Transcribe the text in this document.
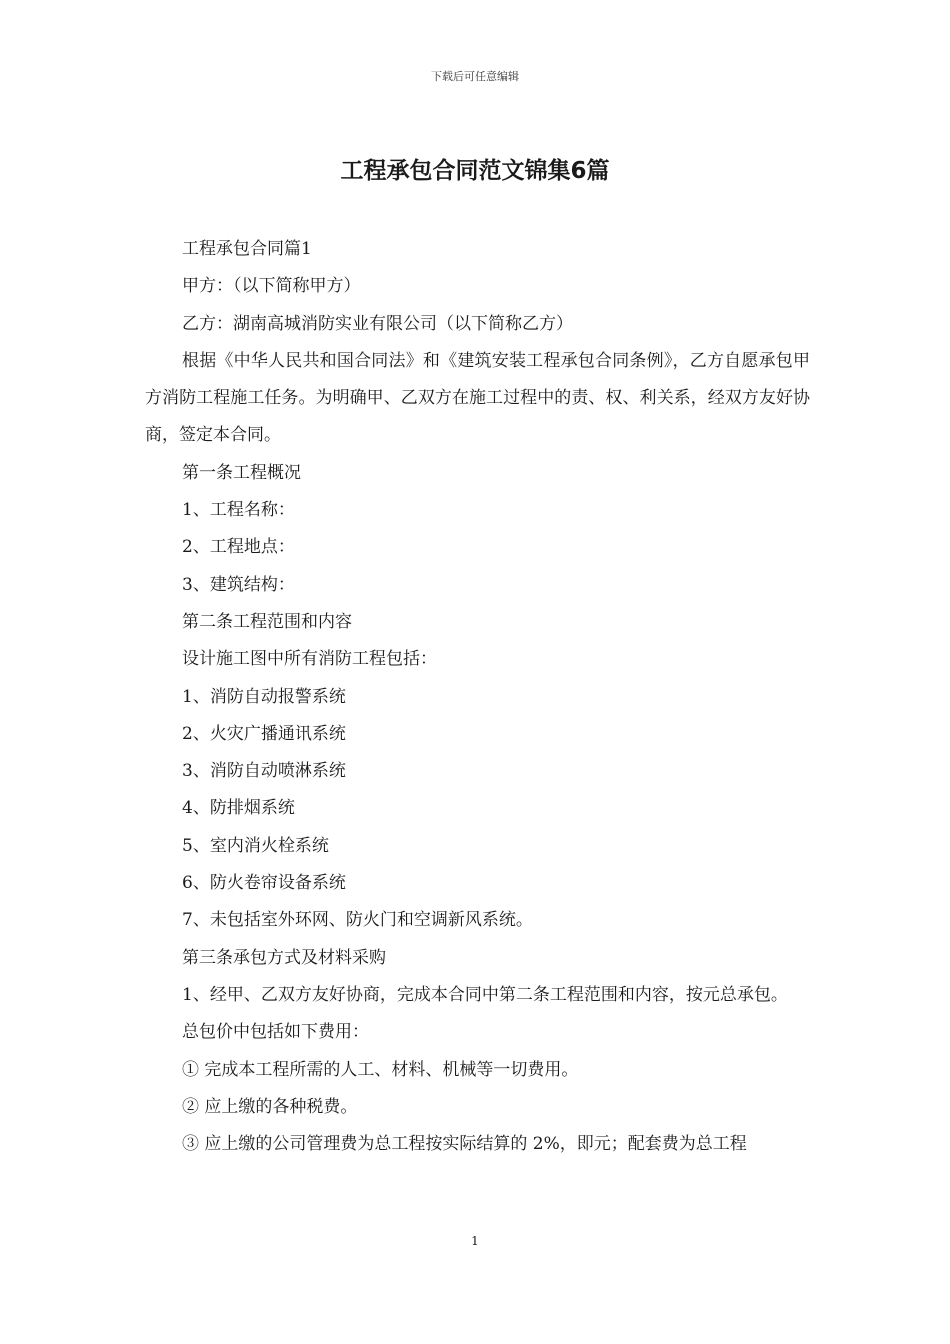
下载后可任意编辑
工程承包合同范文锦集6篇

工程承包合同篇1

甲方：（以下简称甲方）

乙方：湖南高城消防实业有限公司（以下简称乙方）

根据《中华人民共和国合同法》和《建筑安装工程承包合同条例》，乙方自愿承包甲方消防工程施工任务。为明确甲、乙双方在施工过程中的责、权、利关系，经双方友好协商，签定本合同。

第一条工程概况

1、工程名称：

2、工程地点：

3、建筑结构：

第二条工程范围和内容

设计施工图中所有消防工程包括：

1、消防自动报警系统

2、火灾广播通讯系统

3、消防自动喷淋系统

4、防排烟系统

5、室内消火栓系统

6、防火卷帘设备系统

7、未包括室外环网、防火门和空调新风系统。

第三条承包方式及材料采购

1、经甲、乙双方友好协商，完成本合同中第二条工程范围和内容，按元总承包。

总包价中包括如下费用：

① 完成本工程所需的人工、材料、机械等一切费用。

② 应上缴的各种税费。

③ 应上缴的公司管理费为总工程按实际结算的 2%，即元；配套费为总工程

1
